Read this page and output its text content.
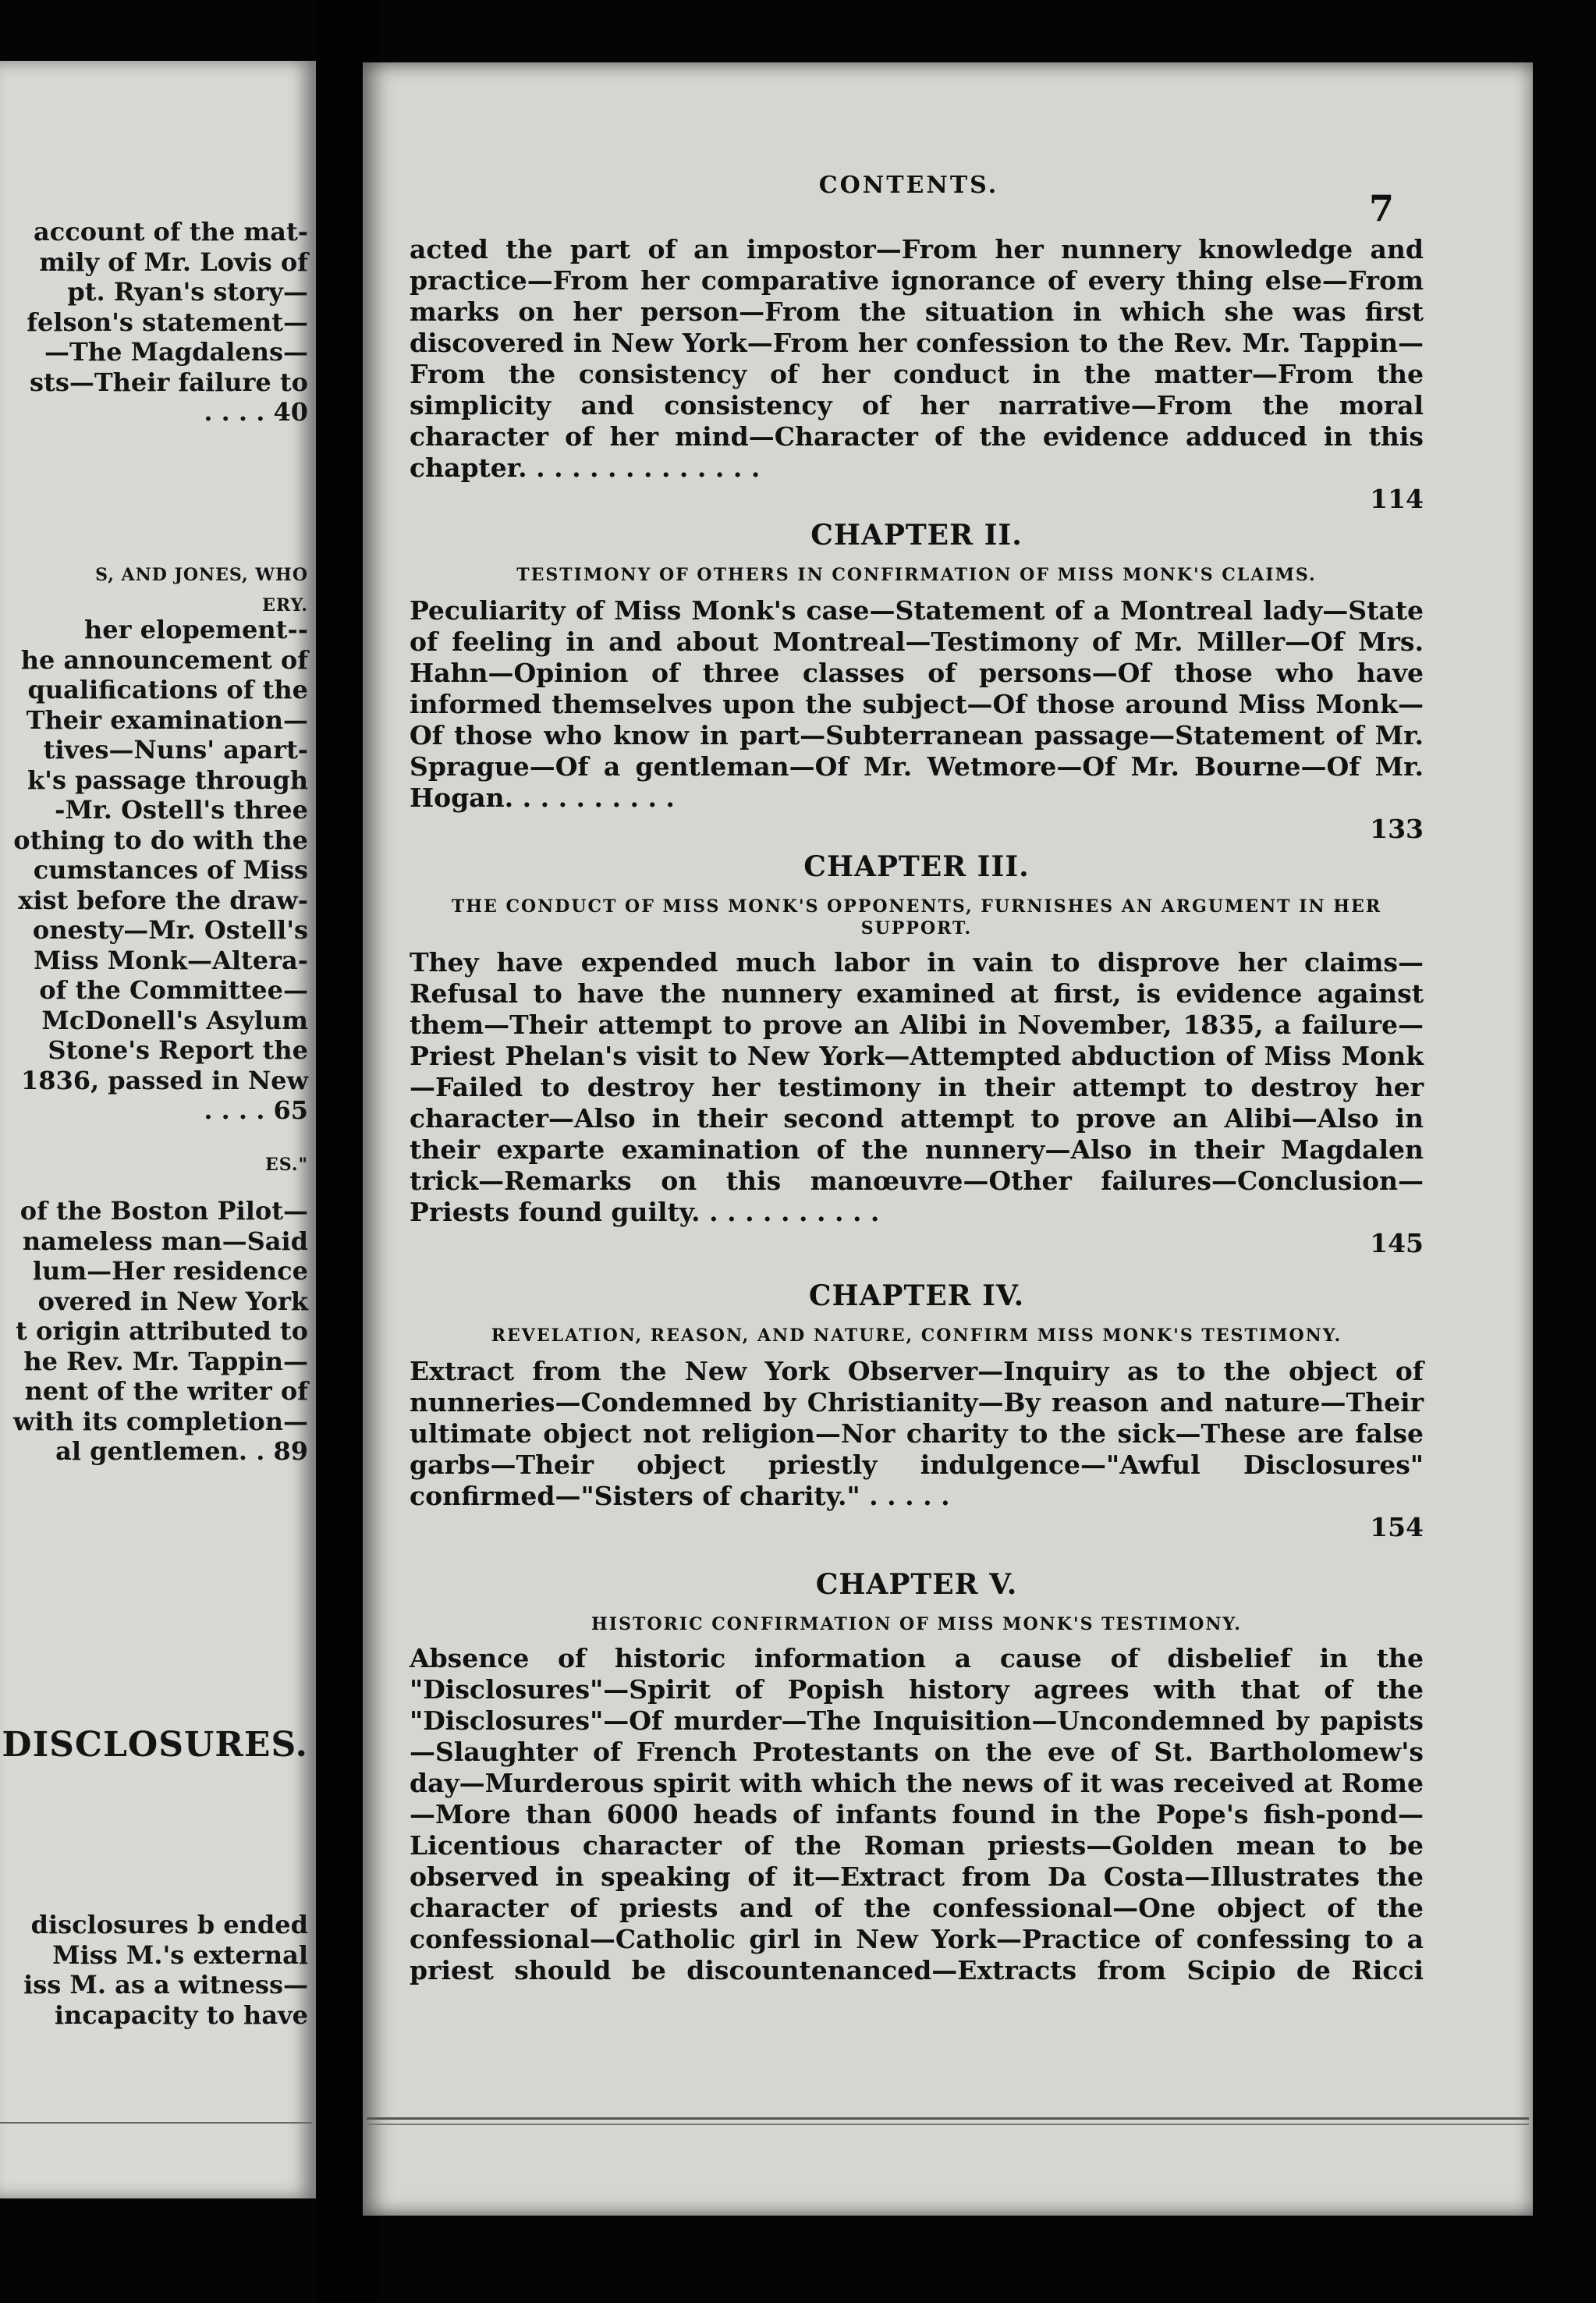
account of the mat-
mily of Mr. Lovis of
pt. Ryan's story—
felson's statement—
—The Magdalens—
sts—Their failure to
. . . . 40

S, AND JONES, WHO
ERY.

her elopement--
he announcement of
qualifications of the
Their examination—
tives—Nuns' apart-
k's passage through
-Mr. Ostell's three
othing to do with the
cumstances of Miss
xist before the draw-
onesty—Mr. Ostell's
Miss Monk—Altera-
of the Committee—
McDonell's Asylum
Stone's Report the
1836, passed in New
. . . . 65

ES."

of the Boston Pilot—
nameless man—Said
lum—Her residence
overed in New York
t origin attributed to
he Rev. Mr. Tappin—
nent of the writer of
with its completion—
al gentlemen. . 89

DISCLOSURES.

disclosures b ended
Miss M.'s external
iss M. as a witness—
incapacity to have

CONTENTS.

7

acted the part of an impostor—From her nunnery knowledge and practice—From her comparative ignorance of every thing else—From marks on her person—From the situation in which she was first discovered in New York—From her confession to the Rev. Mr. Tappin—From the consistency of her conduct in the matter—From the simplicity and consistency of her narrative—From the moral character of her mind—Character of the evidence adduced in this chapter. . . . . . . . . . . . . .

114

CHAPTER II.

TESTIMONY OF OTHERS IN CONFIRMATION OF MISS MONK'S CLAIMS.

Peculiarity of Miss Monk's case—Statement of a Montreal lady—State of feeling in and about Montreal—Testimony of Mr. Miller—Of Mrs. Hahn—Opinion of three classes of persons—Of those who have informed themselves upon the subject—Of those around Miss Monk—Of those who know in part—Subterranean passage—Statement of Mr. Sprague—Of a gentleman—Of Mr. Wetmore—Of Mr. Bourne—Of Mr. Hogan. . . . . . . . . .

133

CHAPTER III.

THE CONDUCT OF MISS MONK'S OPPONENTS, FURNISHES AN ARGUMENT IN HER SUPPORT.

They have expended much labor in vain to disprove her claims—Refusal to have the nunnery examined at first, is evidence against them—Their attempt to prove an Alibi in November, 1835, a failure—Priest Phelan's visit to New York—Attempted abduction of Miss Monk—Failed to destroy her testimony in their attempt to destroy her character—Also in their second attempt to prove an Alibi—Also in their exparte examination of the nunnery—Also in their Magdalen trick—Remarks on this manœuvre—Other failures—Conclusion—Priests found guilty. . . . . . . . . . .

145

CHAPTER IV.

REVELATION, REASON, AND NATURE, CONFIRM MISS MONK'S TESTIMONY.

Extract from the New York Observer—Inquiry as to the object of nunneries—Condemned by Christianity—By reason and nature—Their ultimate object not religion—Nor charity to the sick—These are false garbs—Their object priestly indulgence—"Awful Disclosures" confirmed—"Sisters of charity." . . . . .

154

CHAPTER V.

HISTORIC CONFIRMATION OF MISS MONK'S TESTIMONY.

Absence of historic information a cause of disbelief in the "Disclosures"—Spirit of Popish history agrees with that of the "Disclosures"—Of murder—The Inquisition—Uncondemned by papists—Slaughter of French Protestants on the eve of St. Bartholomew's day—Murderous spirit with which the news of it was received at Rome—More than 6000 heads of infants found in the Pope's fish-pond—Licentious character of the Roman priests—Golden mean to be observed in speaking of it—Extract from Da Costa—Illustrates the character of priests and of the confessional—One object of the confessional—Catholic girl in New York—Practice of confessing to a priest should be discountenanced—Extracts from Scipio de Ricci
